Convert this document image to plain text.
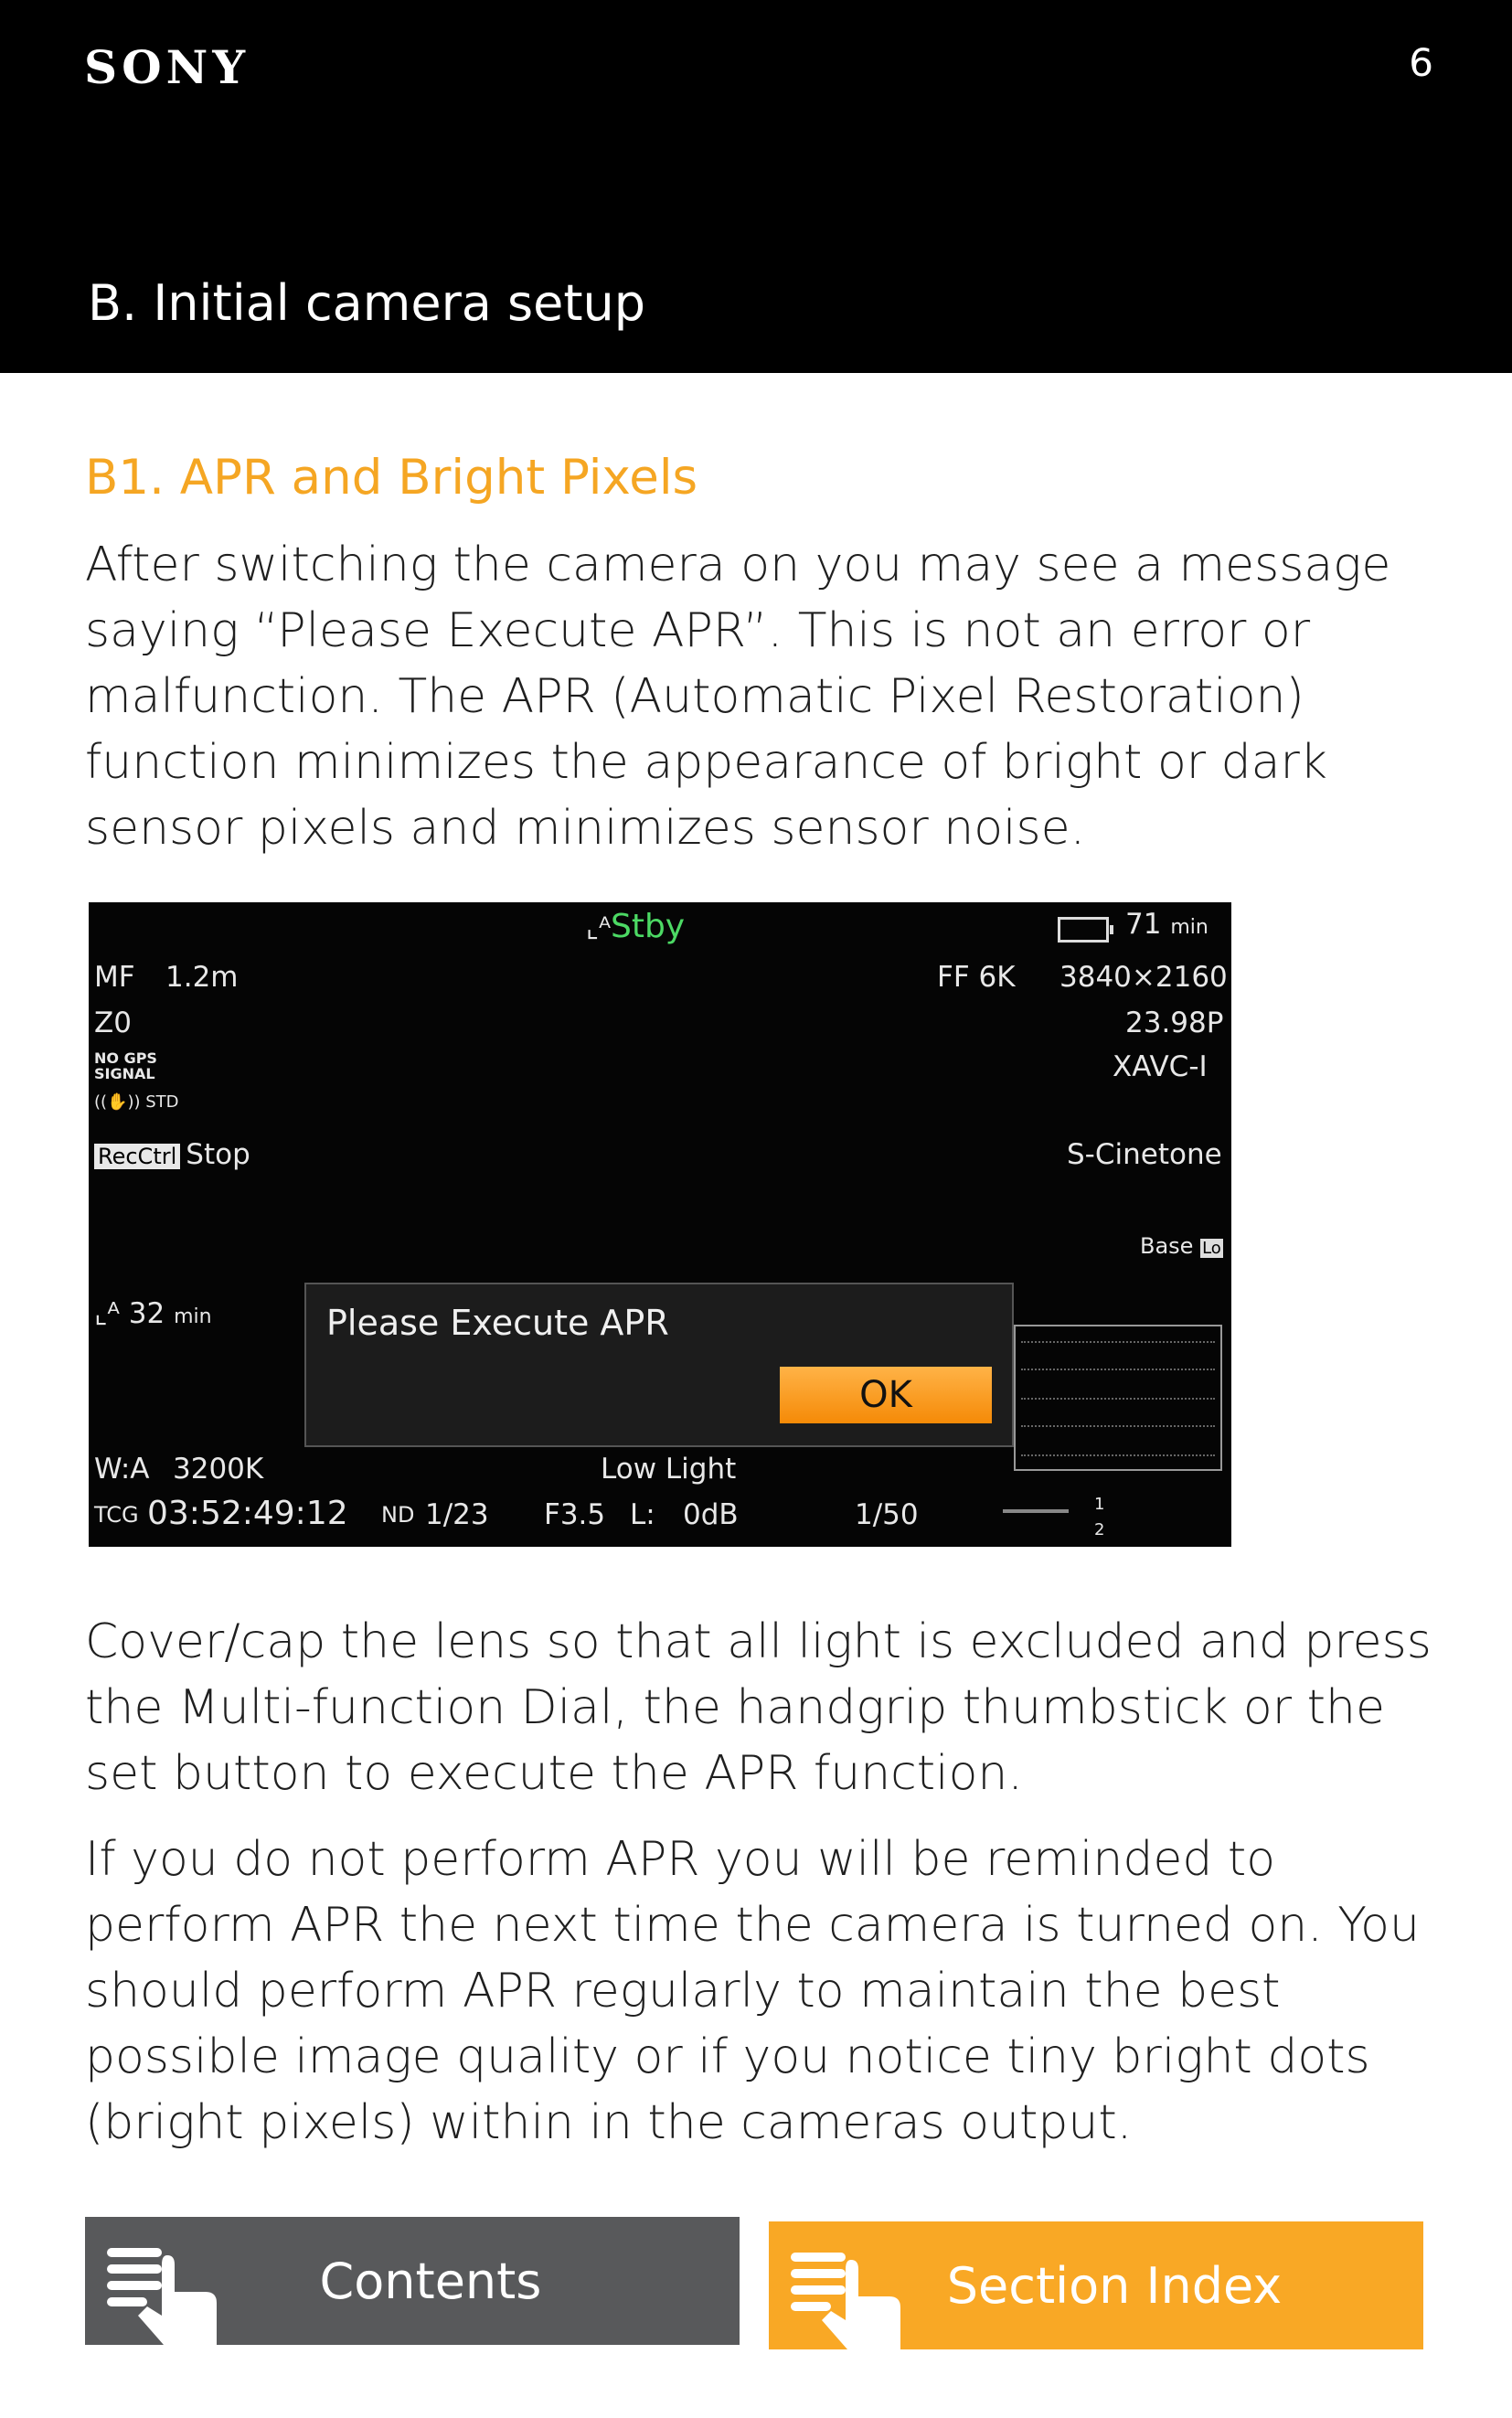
SONY	6
B. Initial camera setup
B1. APR and Bright Pixels
After switching the camera on you may see a message saying “Please Execute APR”. This is not an error or malfunction. The APR (Automatic Pixel Restoration) function minimizes the appearance of bright or dark sensor pixels and minimizes sensor noise.
⌞ᴬStby	71 min
MF 1.2m
Z0
NO GPS SIGNAL
((✋)) STD
RecCtrl Stop
⌞ᴬ 32 min
FF 6K 3840×2160
23.98P
XAVC-I
S-Cinetone
Base Lo
Please Execute APR
OK
W:A 3200K	Low Light
TCG 03:52:49:12 ND 1/23 F3.5 L: 0dB	1/50	1
2
Cover/cap the lens so that all light is excluded and press the Multi-function Dial, the handgrip thumbstick or the set button to execute the APR function.
If you do not perform APR you will be reminded to perform APR the next time the camera is turned on. You should perform APR regularly to maintain the best possible image quality or if you notice tiny bright dots (bright pixels) within in the cameras output.
Contents	Section Index
